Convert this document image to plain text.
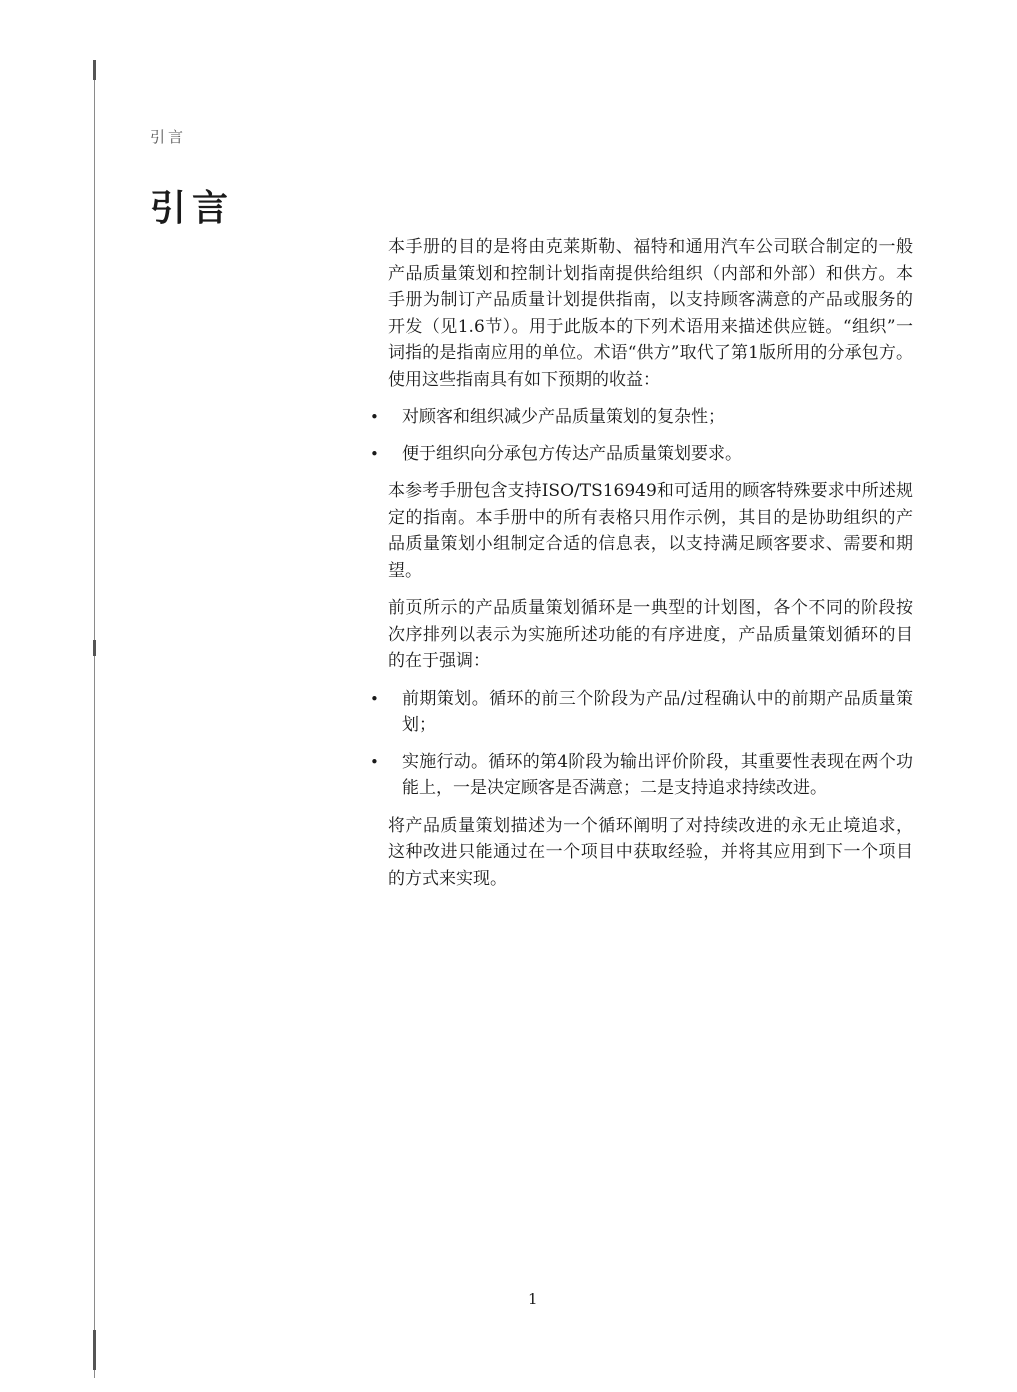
引言
引言

本手册的目的是将由克莱斯勒、福特和通用汽车公司联合制定的一般产品质量策划和控制计划指南提供给组织（内部和外部）和供方。本手册为制订产品质量计划提供指南，以支持顾客满意的产品或服务的开发（见1.6节）。用于此版本的下列术语用来描述供应链。“组织”一词指的是指南应用的单位。术语“供方”取代了第1版所用的分承包方。使用这些指南具有如下预期的收益：

• 对顾客和组织减少产品质量策划的复杂性；
• 便于组织向分承包方传达产品质量策划要求。

本参考手册包含支持ISO/TS16949和可适用的顾客特殊要求中所述规定的指南。本手册中的所有表格只用作示例，其目的是协助组织的产品质量策划小组制定合适的信息表，以支持满足顾客要求、需要和期望。

前页所示的产品质量策划循环是一典型的计划图，各个不同的阶段按次序排列以表示为实施所述功能的有序进度，产品质量策划循环的目的在于强调：

• 前期策划。循环的前三个阶段为产品/过程确认中的前期产品质量策划；
• 实施行动。循环的第4阶段为输出评价阶段，其重要性表现在两个功能上，一是决定顾客是否满意；二是支持追求持续改进。

将产品质量策划描述为一个循环阐明了对持续改进的永无止境追求，这种改进只能通过在一个项目中获取经验，并将其应用到下一个项目的方式来实现。

1
